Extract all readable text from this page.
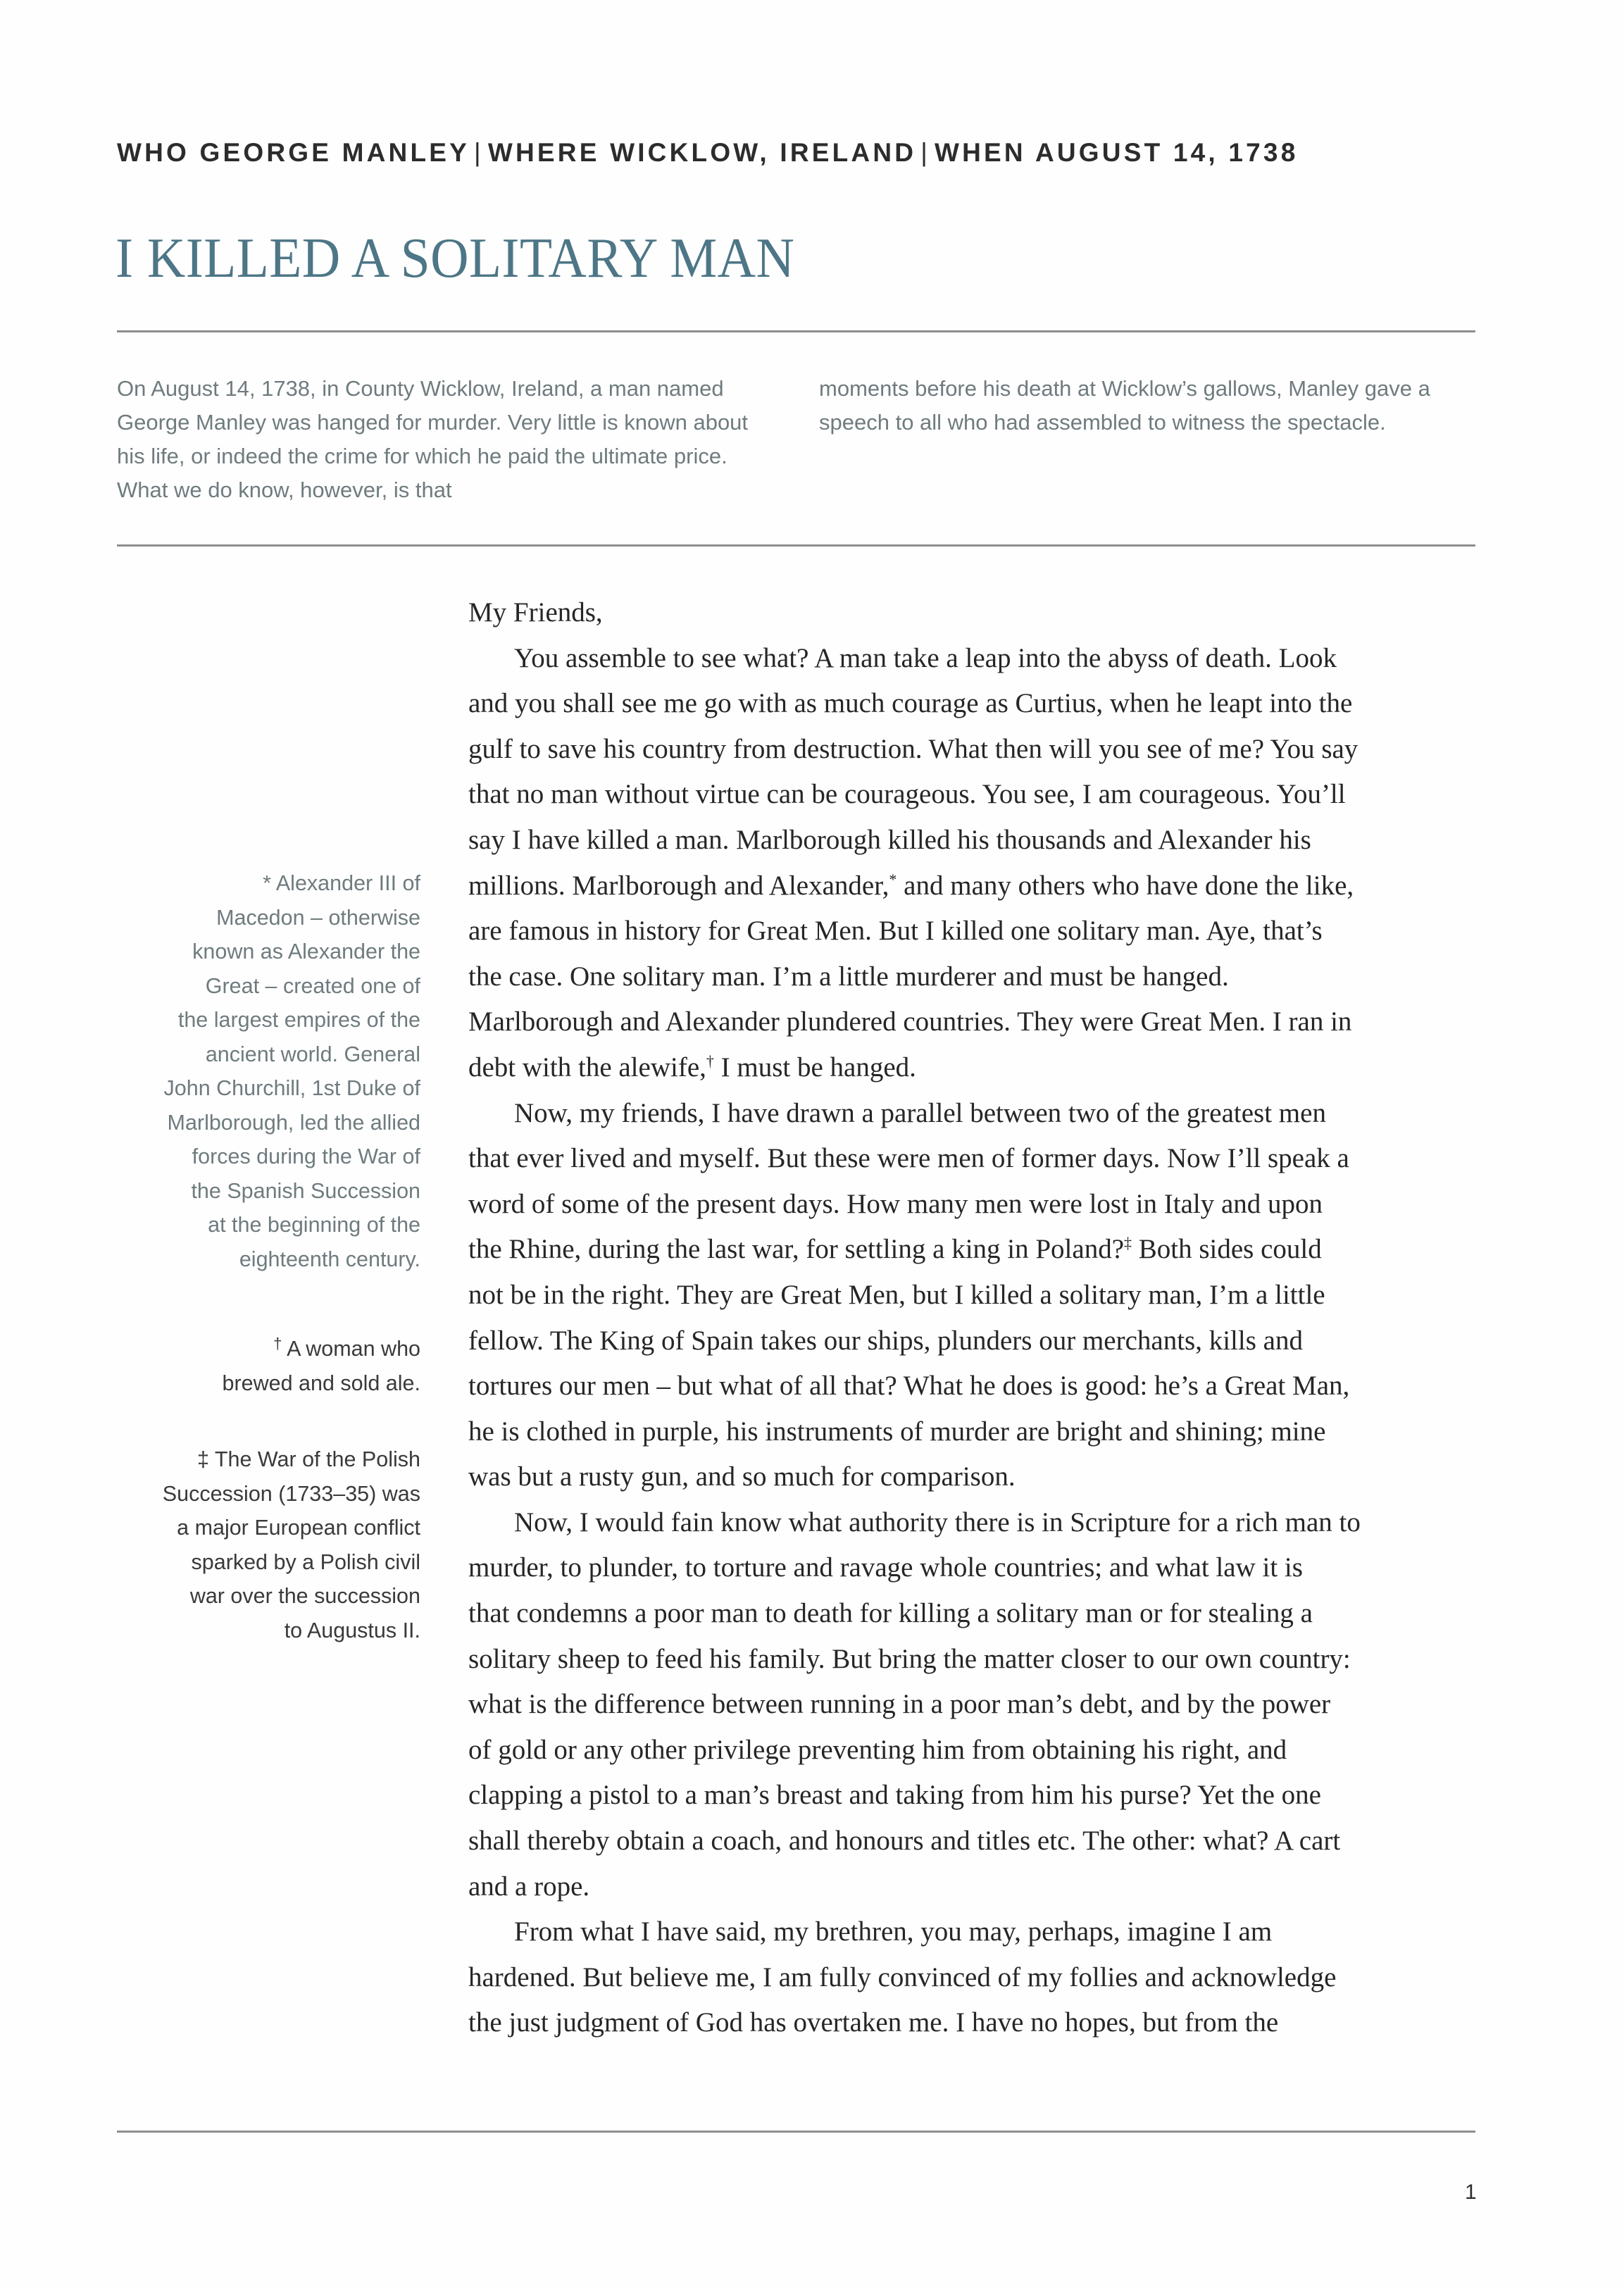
WHO GEORGE MANLEY | WHERE WICKLOW, IRELAND | WHEN AUGUST 14, 1738
I KILLED A SOLITARY MAN

On August 14, 1738, in County Wicklow, Ireland, a man named George Manley was hanged for murder. Very little is known about his life, or indeed the crime for which he paid the ultimate price. What we do know, however, is that

moments before his death at Wicklow’s gallows, Manley gave a speech to all who had assembled to witness the spectacle.

* Alexander III of
Macedon – otherwise
known as Alexander the
Great – created one of
the largest empires of the
ancient world. General
John Churchill, 1st Duke of
Marlborough, led the allied
forces during the War of
the Spanish Succession
at the beginning of the
eighteenth century.
† A woman who
brewed and sold ale.
‡ The War of the Polish
Succession (1733–35) was
a major European conflict
sparked by a Polish civil
war over the succession
to Augustus II.
My Friends,
You assemble to see what? A man take a leap into the abyss of death. Look
and you shall see me go with as much courage as Curtius, when he leapt into the
gulf to save his country from destruction. What then will you see of me? You say
that no man without virtue can be courageous. You see, I am courageous. You’ll
say I have killed a man. Marlborough killed his thousands and Alexander his
millions. Marlborough and Alexander,* and many others who have done the like,
are famous in history for Great Men. But I killed one solitary man. Aye, that’s
the case. One solitary man. I’m a little murderer and must be hanged.
Marlborough and Alexander plundered countries. They were Great Men. I ran in
debt with the alewife,† I must be hanged.
Now, my friends, I have drawn a parallel between two of the greatest men
that ever lived and myself. But these were men of former days. Now I’ll speak a
word of some of the present days. How many men were lost in Italy and upon
the Rhine, during the last war, for settling a king in Poland?‡ Both sides could
not be in the right. They are Great Men, but I killed a solitary man, I’m a little
fellow. The King of Spain takes our ships, plunders our merchants, kills and
tortures our men – but what of all that? What he does is good: he’s a Great Man,
he is clothed in purple, his instruments of murder are bright and shining; mine
was but a rusty gun, and so much for comparison.
Now, I would fain know what authority there is in Scripture for a rich man to
murder, to plunder, to torture and ravage whole countries; and what law it is
that condemns a poor man to death for killing a solitary man or for stealing a
solitary sheep to feed his family. But bring the matter closer to our own country:
what is the difference between running in a poor man’s debt, and by the power
of gold or any other privilege preventing him from obtaining his right, and
clapping a pistol to a man’s breast and taking from him his purse? Yet the one
shall thereby obtain a coach, and honours and titles etc. The other: what? A cart
and a rope.
From what I have said, my brethren, you may, perhaps, imagine I am
hardened. But believe me, I am fully convinced of my follies and acknowledge
the just judgment of God has overtaken me. I have no hopes, but from the
1
